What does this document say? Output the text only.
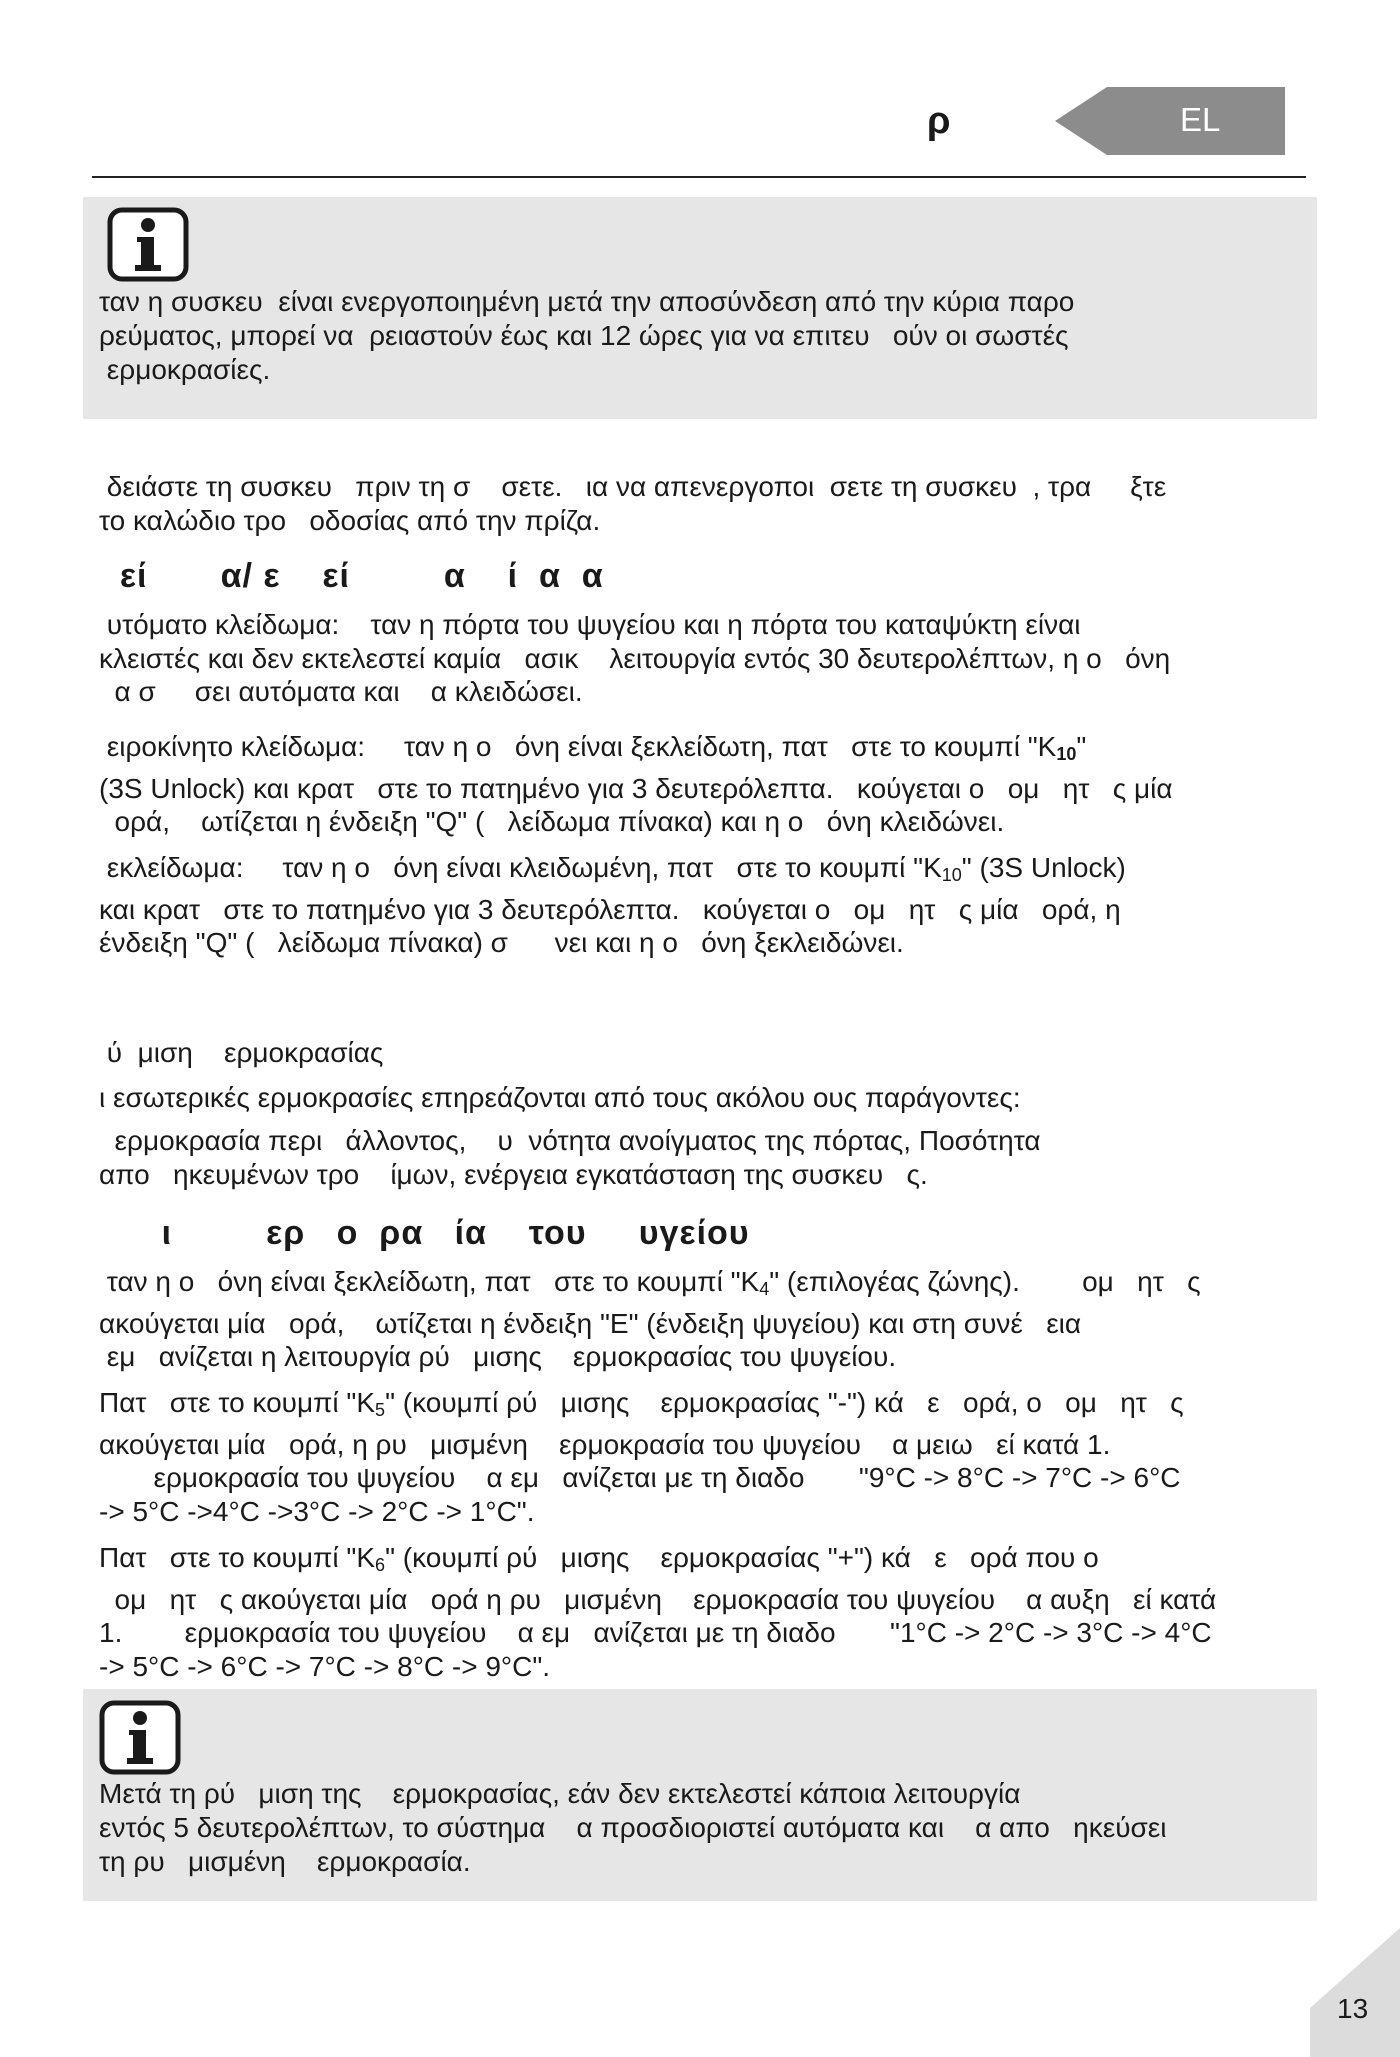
ρ	EL
ταν η συσκευ  είναι ενεργοποιημένη μετά την αποσύνδεση από την κύρια παρο
ρεύματος, μπορεί να  ρειαστούν έως και 12 ώρες για να επιτευ   ούν οι σωστές
ερμοκρασίες.
δειάστε τη συσκευ   πριν τη σ    σετε.   ια να απενεργοποι  σετε τη συσκευ  , τρα     ξτε
το καλώδιο τρο   οδοσίας από την πρίζα.
εί       α/ ε    εί         α    ί  α  α
υτόματο κλείδωμα:    ταν η πόρτα του ψυγείου και η πόρτα του καταψύκτη είναι
κλειστές και δεν εκτελεστεί καμία   ασικ    λειτουργία εντός 30 δευτερολέπτων, η ο   όνη
α σ     σει αυτόματα και    α κλειδώσει.
ειροκίνητο κλείδωμα:     ταν η ο   όνη είναι ξεκλείδωτη, πατ   στε το κουμπί "$K_{10}$"
(3S Unlock) και κρατ   στε το πατημένο για 3 δευτερόλεπτα.   κούγεται ο   ομ   ητ   ς μία
ορά,    ωτίζεται η ένδειξη "Q" (   λείδωμα πίνακα) και η ο   όνη κλειδώνει.
εκλείδωμα:     ταν η ο   όνη είναι κλειδωμένη, πατ   στε το κουμπί "$K_{10}$" (3S Unlock)
και κρατ   στε το πατημένο για 3 δευτερόλεπτα.   κούγεται ο   ομ   ητ   ς μία   ορά, η
ένδειξη "Q" (   λείδωμα πίνακα) σ      νει και η ο   όνη ξεκλειδώνει.
ύ  μιση    ερμοκρασίας
ι εσωτερικές ερμοκρασίες επηρεάζονται από τους ακόλου ους παράγοντες:
ερμοκρασία περι   άλλοντος,    υ  νότητα ανοίγματος της πόρτας, Ποσότητα
απο   ηκευμένων τρο    ίμων, ενέργεια εγκατάσταση της συσκευ   ς.
ι         ερ   ο  ρα   ία    του     υγείου
ταν η ο   όνη είναι ξεκλείδωτη, πατ   στε το κουμπί "$K_4$" (επιλογέας ζώνης).        ομ   ητ   ς
ακούγεται μία   ορά,    ωτίζεται η ένδειξη "E" (ένδειξη ψυγείου) και στη συνέ   εια
εμ   ανίζεται η λειτουργία ρύ   μισης    ερμοκρασίας του ψυγείου.
Πατ   στε το κουμπί "$K_5$" (κουμπί ρύ   μισης    ερμοκρασίας "-") κά   ε   ορά, ο   ομ   ητ   ς
ακούγεται μία   ορά, η ρυ   μισμένη    ερμοκρασία του ψυγείου    α μειω   εί κατά 1.
ερμοκρασία του ψυγείου    α εμ   ανίζεται με τη διαδο       "9°C -> 8°C -> 7°C -> 6°C
-> 5°C ->4°C ->3°C -> 2°C -> 1°C".
Πατ   στε το κουμπί "$K_6$" (κουμπί ρύ   μισης    ερμοκρασίας "+") κά   ε   ορά που ο
ομ   ητ   ς ακούγεται μία   ορά η ρυ   μισμένη    ερμοκρασία του ψυγείου    α αυξη   εί κατά
1.        ερμοκρασία του ψυγείου    α εμ   ανίζεται με τη διαδο       "1°C -> 2°C -> 3°C -> 4°C
-> 5°C -> 6°C -> 7°C -> 8°C -> 9°C".
Μετά τη ρύ   μιση της    ερμοκρασίας, εάν δεν εκτελεστεί κάποια λειτουργία
εντός 5 δευτερολέπτων, το σύστημα    α προσδιοριστεί αυτόματα και    α απο   ηκεύσει
τη ρυ   μισμένη    ερμοκρασία.
13
